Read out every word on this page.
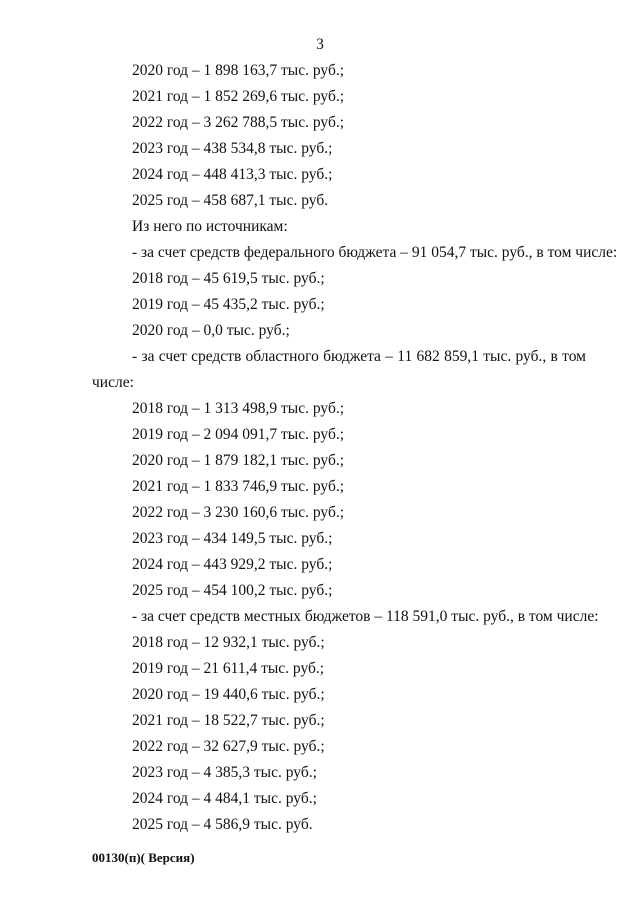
3
2020 год – 1 898 163,7 тыс. руб.;
2021 год – 1 852 269,6 тыс. руб.;
2022 год – 3 262 788,5 тыс. руб.;
2023 год – 438 534,8 тыс. руб.;
2024 год – 448 413,3 тыс. руб.;
2025 год – 458 687,1 тыс. руб.
Из него по источникам:
- за счет средств федерального бюджета – 91 054,7 тыс. руб., в том числе:
2018 год – 45 619,5 тыс. руб.;
2019 год – 45 435,2 тыс. руб.;
2020 год – 0,0 тыс. руб.;
- за счет средств областного бюджета – 11 682 859,1 тыс. руб., в том
числе:
2018 год – 1 313 498,9 тыс. руб.;
2019 год – 2 094 091,7 тыс. руб.;
2020 год – 1 879 182,1 тыс. руб.;
2021 год – 1 833 746,9 тыс. руб.;
2022 год – 3 230 160,6 тыс. руб.;
2023 год – 434 149,5 тыс. руб.;
2024 год – 443 929,2 тыс. руб.;
2025 год – 454 100,2 тыс. руб.;
- за счет средств местных бюджетов – 118 591,0 тыс. руб., в том числе:
2018 год – 12 932,1 тыс. руб.;
2019 год – 21 611,4 тыс. руб.;
2020 год – 19 440,6 тыс. руб.;
2021 год – 18 522,7 тыс. руб.;
2022 год – 32 627,9 тыс. руб.;
2023 год – 4 385,3 тыс. руб.;
2024 год – 4 484,1 тыс. руб.;
2025 год – 4 586,9 тыс. руб.
00130(п)( Версия)
